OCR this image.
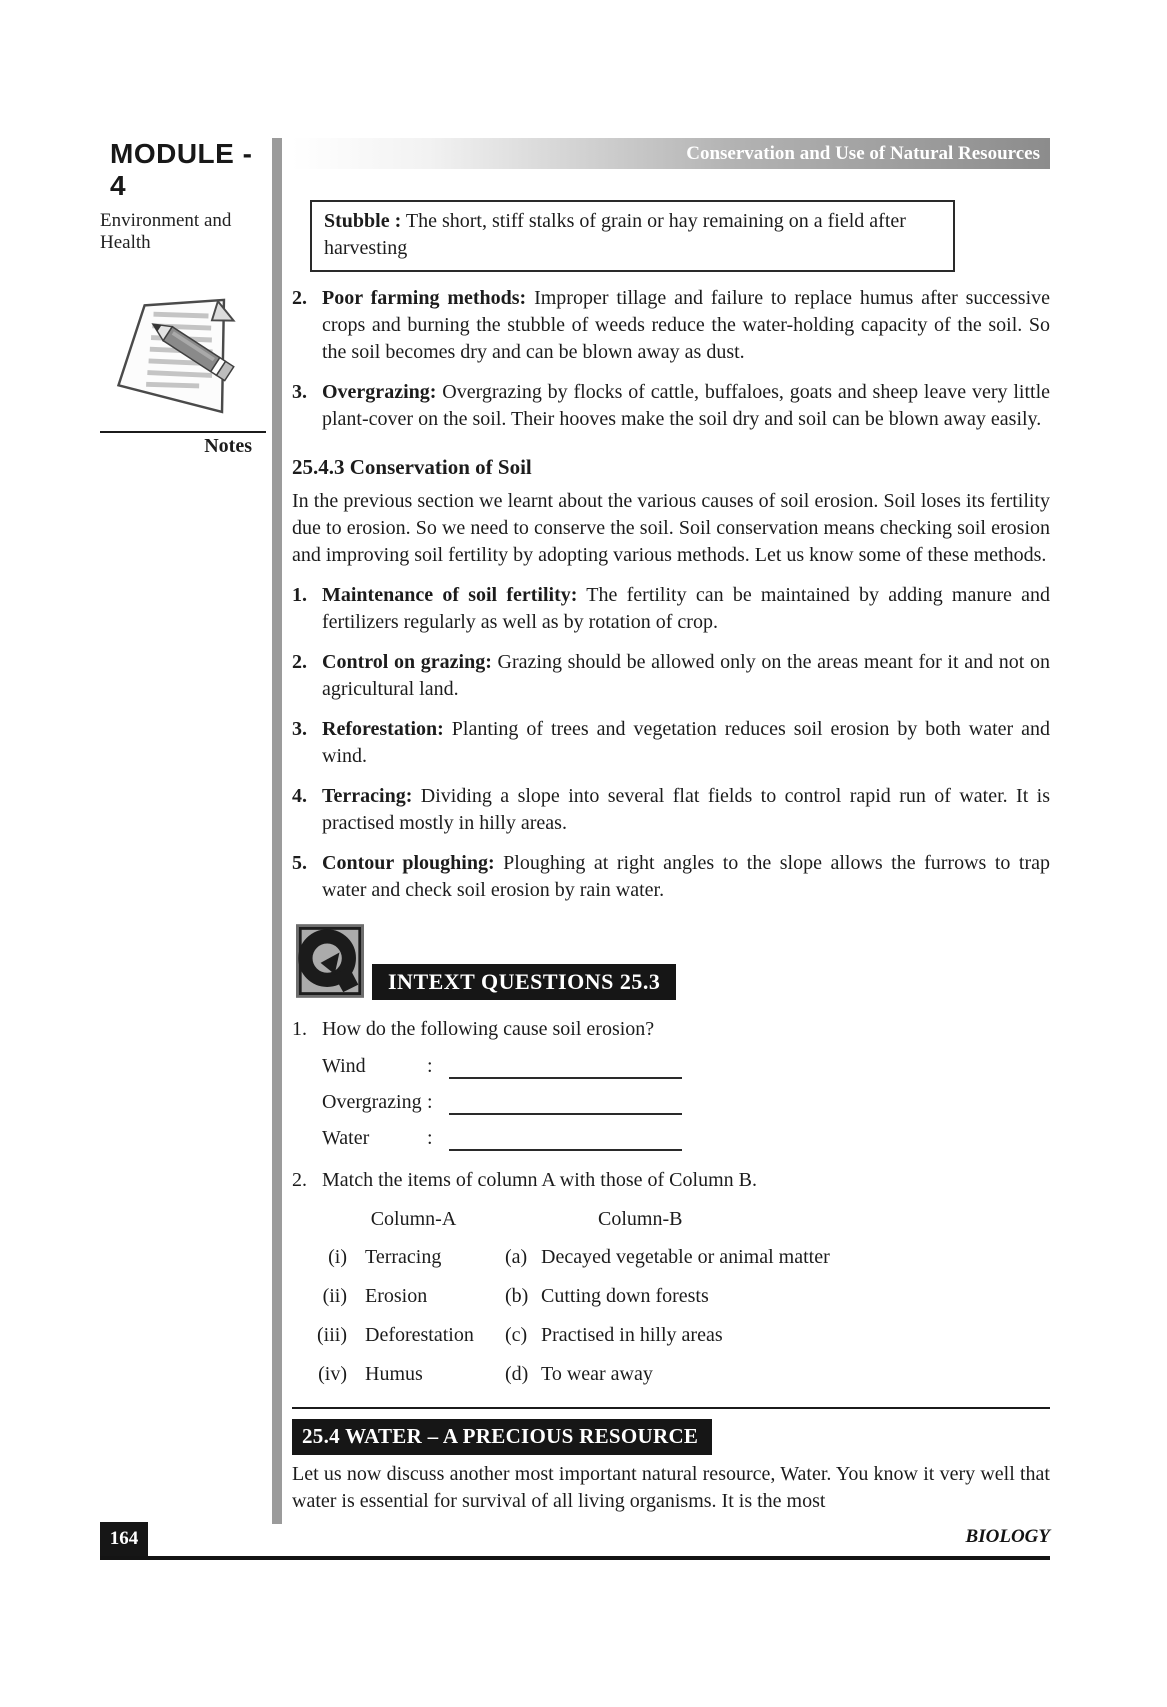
MODULE - 4
Environment and Health
Notes
Conservation and Use of Natural Resources
Stubble : The short, stiff stalks of grain or hay remaining on a field after harvesting
2. Poor farming methods: Improper tillage and failure to replace humus after successive crops and burning the stubble of weeds reduce the water-holding capacity of the soil. So the soil becomes dry and can be blown away as dust.
3. Overgrazing: Overgrazing by flocks of cattle, buffaloes, goats and sheep leave very little plant-cover on the soil. Their hooves make the soil dry and soil can be blown away easily.
25.4.3 Conservation of Soil
In the previous section we learnt about the various causes of soil erosion. Soil loses its fertility due to erosion. So we need to conserve the soil. Soil conservation means checking soil erosion and improving soil fertility by adopting various methods. Let us know some of these methods.
1. Maintenance of soil fertility: The fertility can be maintained by adding manure and fertilizers regularly as well as by rotation of crop.
2. Control on grazing: Grazing should be allowed only on the areas meant for it and not on agricultural land.
3. Reforestation: Planting of trees and vegetation reduces soil erosion by both water and wind.
4. Terracing: Dividing a slope into several flat fields to control rapid run of water. It is practised mostly in hilly areas.
5. Contour ploughing: Ploughing at right angles to the slope allows the furrows to trap water and check soil erosion by rain water.
INTEXT QUESTIONS 25.3
1. How do the following cause soil erosion?
Wind	:
Overgrazing :
Water	:
2. Match the items of column A with those of Column B.
Column-A	Column-B
(i) Terracing	(a) Decayed vegetable or animal matter
(ii) Erosion	(b) Cutting down forests
(iii) Deforestation	(c) Practised in hilly areas
(iv) Humus	(d) To wear away
25.4 WATER – A PRECIOUS RESOURCE
Let us now discuss another most important natural resource, Water. You know it very well that water is essential for survival of all living organisms. It is the most
BIOLOGY
164
